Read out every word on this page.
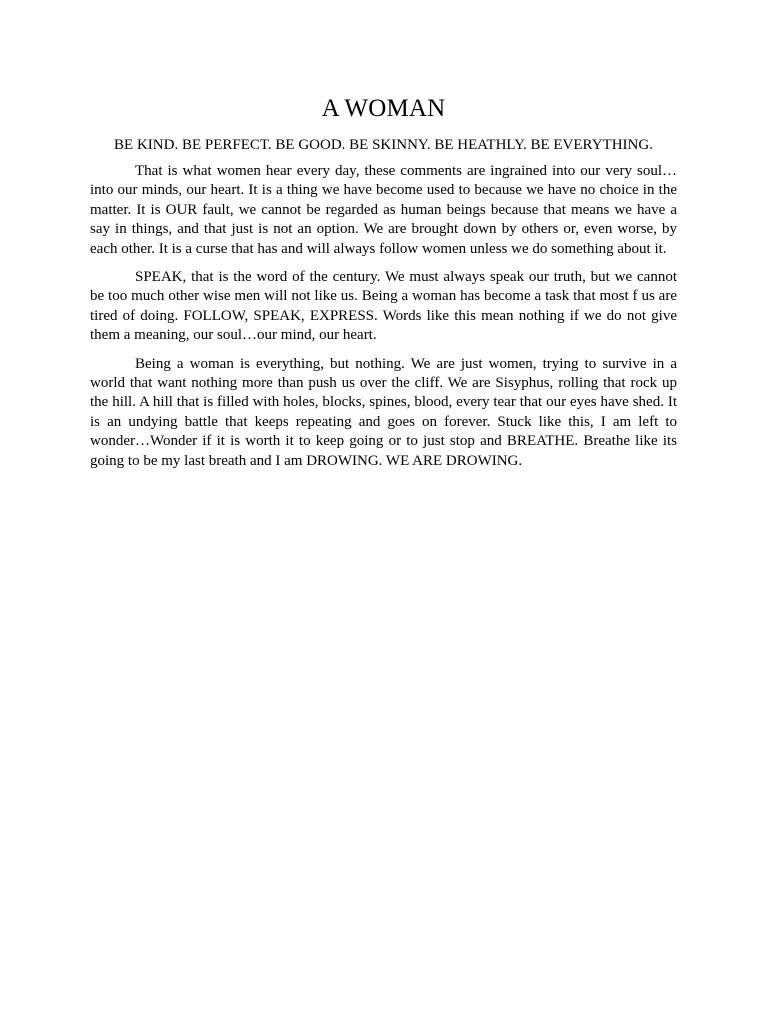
A WOMAN

BE KIND. BE PERFECT. BE GOOD. BE SKINNY. BE HEATHLY. BE EVERYTHING.

That is what women hear every day, these comments are ingrained into our very soul… into our minds, our heart. It is a thing we have become used to because we have no choice in the matter. It is OUR fault, we cannot be regarded as human beings because that means we have a say in things, and that just is not an option. We are brought down by others or, even worse, by each other. It is a curse that has and will always follow women unless we do something about it.

SPEAK, that is the word of the century. We must always speak our truth, but we cannot be too much other wise men will not like us. Being a woman has become a task that most f us are tired of doing. FOLLOW, SPEAK, EXPRESS. Words like this mean nothing if we do not give them a meaning, our soul…our mind, our heart.

Being a woman is everything, but nothing. We are just women, trying to survive in a world that want nothing more than push us over the cliff. We are Sisyphus, rolling that rock up the hill. A hill that is filled with holes, blocks, spines, blood, every tear that our eyes have shed. It is an undying battle that keeps repeating and goes on forever. Stuck like this, I am left to wonder…Wonder if it is worth it to keep going or to just stop and BREATHE. Breathe like its going to be my last breath and I am DROWING. WE ARE DROWING.
